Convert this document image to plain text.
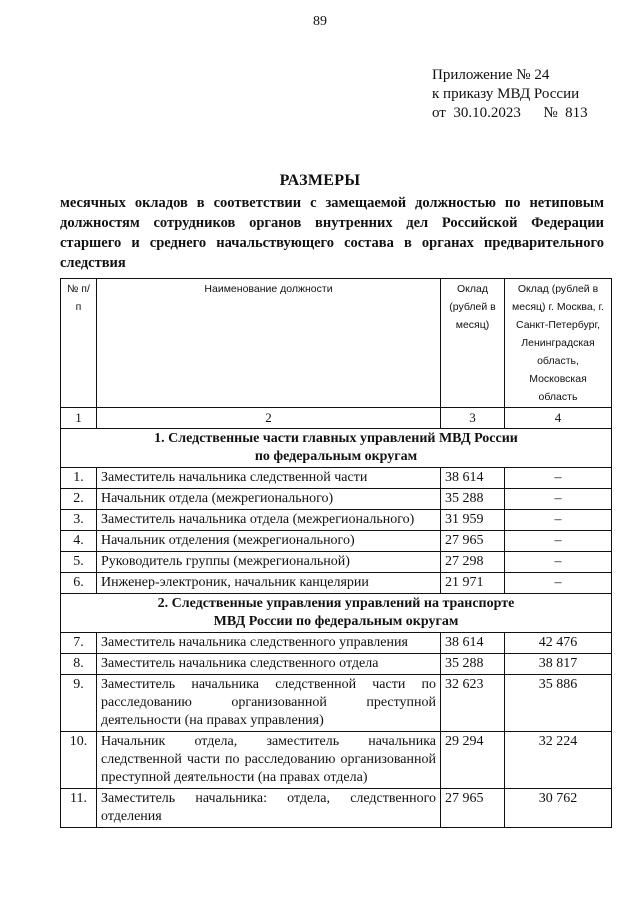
89
Приложение № 24
к приказу МВД России
от  30.10.2023      №  813
РАЗМЕРЫ
месячных окладов в соответствии с замещаемой должностью по нетиповым должностям сотрудников органов внутренних дел Российской Федерации старшего и среднего начальствующего состава в органах предварительного следствия
№ п/п	Наименование должности	Оклад (рублей в месяц)	Оклад (рублей в месяц) г. Москва, г. Санкт-Петербург, Ленинградская область, Московская область
1	2	3	4
1. Следственные части главных управлений МВД России
по федеральным округам			
1.	Заместитель начальника следственной части	38 614	–
2.	Начальник отдела (межрегионального)	35 288	–
3.	Заместитель начальника отдела (межрегионального)	31 959	–
4.	Начальник отделения (межрегионального)	27 965	–
5.	Руководитель группы (межрегиональной)	27 298	–
6.	Инженер-электроник, начальник канцелярии	21 971	–
2. Следственные управления управлений на транспорте
МВД России по федеральным округам			
7.	Заместитель начальника следственного управления	38 614	42 476
8.	Заместитель начальника следственного отдела	35 288	38 817
9.	Заместитель начальника следственной части по расследованию организованной преступной деятельности (на правах управления)	32 623	35 886
10.	Начальник отдела, заместитель начальника следственной части по расследованию организованной преступной деятельности (на правах отдела)	29 294	32 224
11.	Заместитель начальника: отдела, следственного отделения	27 965	30 762
